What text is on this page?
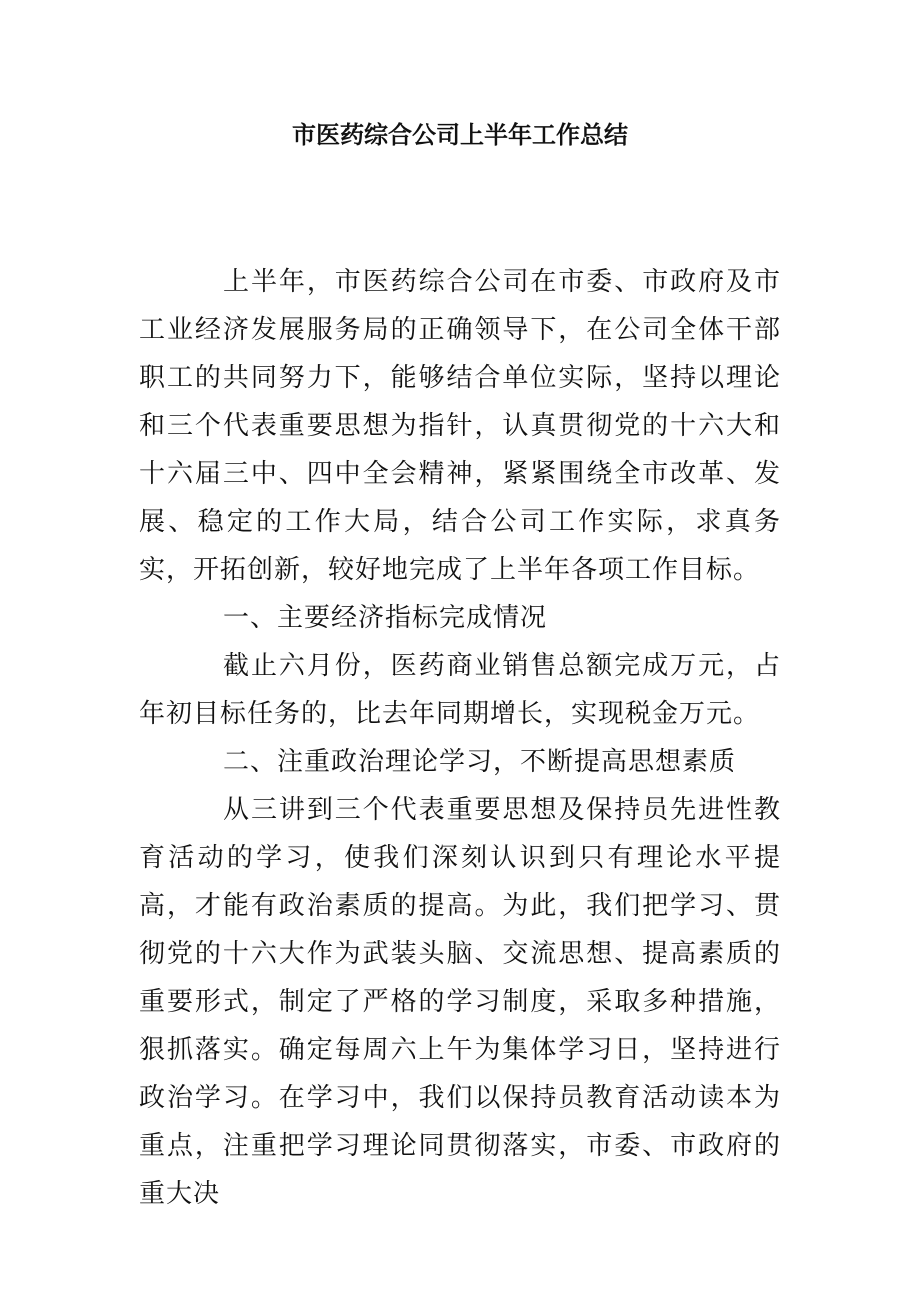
市医药综合公司上半年工作总结

上半年，市医药综合公司在市委、市政府及市工业经济发展服务局的正确领导下，在公司全体干部职工的共同努力下，能够结合单位实际，坚持以理论和三个代表重要思想为指针，认真贯彻党的十六大和十六届三中、四中全会精神，紧紧围绕全市改革、发展、稳定的工作大局，结合公司工作实际，求真务实，开拓创新，较好地完成了上半年各项工作目标。

一、主要经济指标完成情况

截止六月份，医药商业销售总额完成万元，占年初目标任务的，比去年同期增长，实现税金万元。

二、注重政治理论学习，不断提高思想素质

从三讲到三个代表重要思想及保持员先进性教育活动的学习，使我们深刻认识到只有理论水平提高，才能有政治素质的提高。为此，我们把学习、贯彻党的十六大作为武装头脑、交流思想、提高素质的重要形式，制定了严格的学习制度，采取多种措施，狠抓落实。确定每周六上午为集体学习日，坚持进行政治学习。在学习中，我们以保持员教育活动读本为重点，注重把学习理论同贯彻落实，市委、市政府的重大决
